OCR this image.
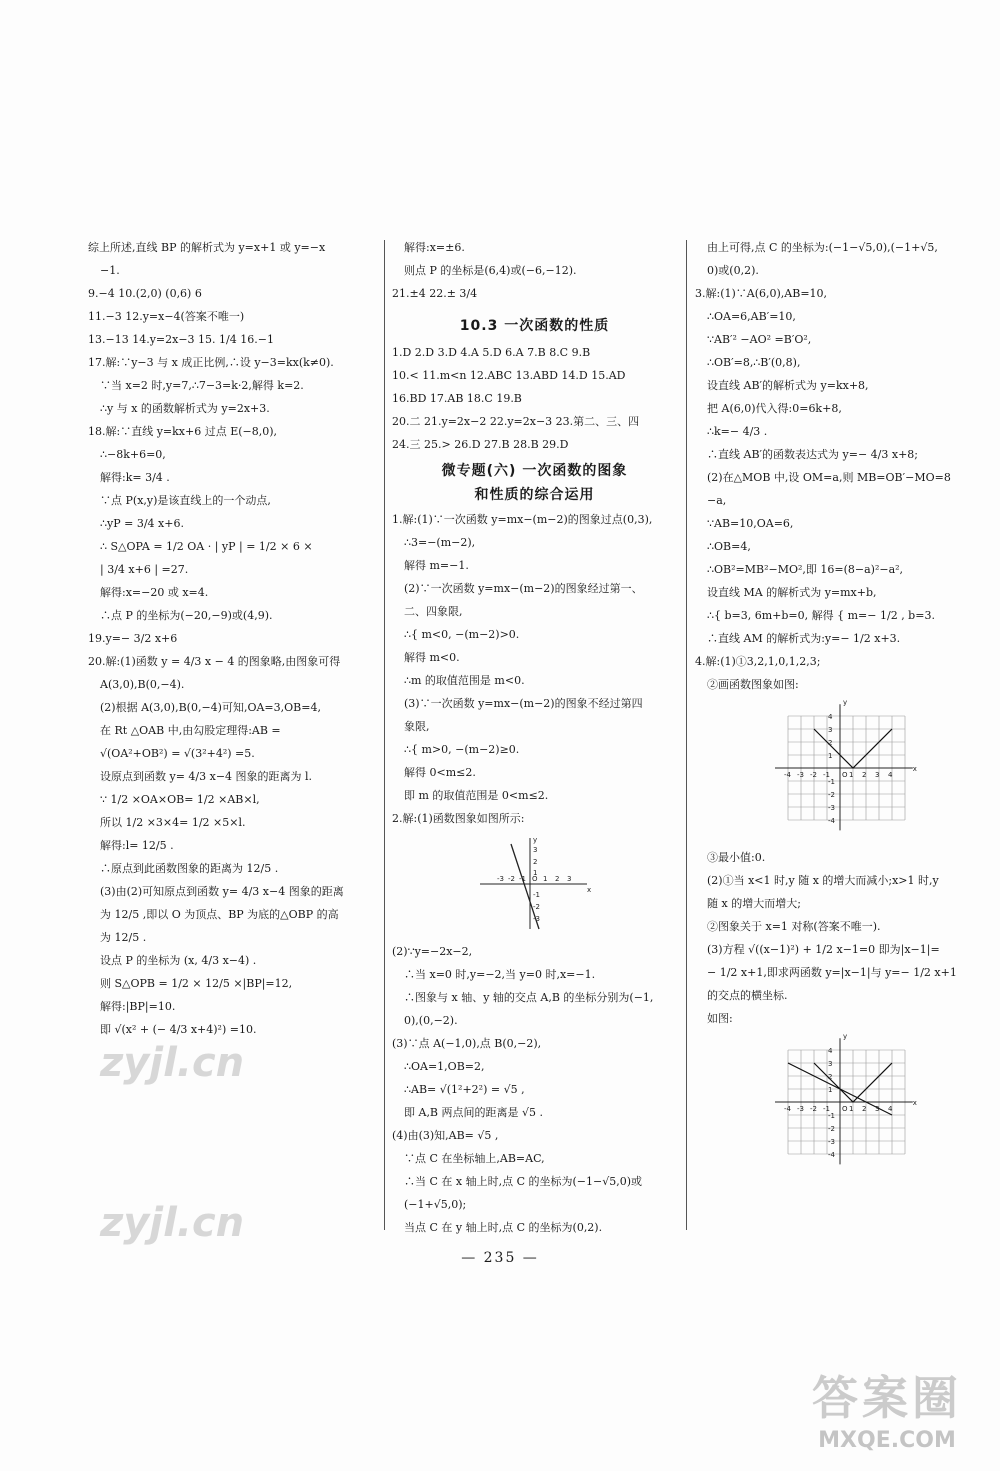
综上所述,直线 BP 的解析式为 y=x+1 或 y=−x
−1.
9.−4 10.(2,0) (0,6) 6
11.−3 12.y=x−4(答案不唯一)
13.−13 14.y=2x−3 15. 1/4 16.−1
17.解:∵y−3 与 x 成正比例,∴设 y−3=kx(k≠0).
∵当 x=2 时,y=7,∴7−3=k·2,解得 k=2.
∴y 与 x 的函数解析式为 y=2x+3.
18.解:∵直线 y=kx+6 过点 E(−8,0),
∴−8k+6=0,
解得:k= 3/4 .
∵点 P(x,y)是该直线上的一个动点,
∴yP = 3/4 x+6.
∴ S△OPA = 1/2 OA · | yP | = 1/2 × 6 ×
| 3/4 x+6 | =27.
解得:x=−20 或 x=4.
∴点 P 的坐标为(−20,−9)或(4,9).
19.y=− 3/2 x+6
20.解:(1)函数 y = 4/3 x − 4 的图象略,由图象可得
A(3,0),B(0,−4).
(2)根据 A(3,0),B(0,−4)可知,OA=3,OB=4,
在 Rt △OAB 中,由勾股定理得:AB =
√(OA²+OB²) = √(3²+4²) =5.
设原点到函数 y= 4/3 x−4 图象的距离为 l.
∵ 1/2 ×OA×OB= 1/2 ×AB×l,
所以 1/2 ×3×4= 1/2 ×5×l.
解得:l= 12/5 .
∴原点到此函数图象的距离为 12/5 .
(3)由(2)可知原点到函数 y= 4/3 x−4 图象的距离
为 12/5 ,即以 O 为顶点、BP 为底的△OBP 的高
为 12/5 .
设点 P 的坐标为 (x, 4/3 x−4) .
则 S△OPB = 1/2 × 12/5 ×|BP|=12,
解得:|BP|=10.
即 √(x² + (− 4/3 x+4)²) =10.
解得:x=±6.
则点 P 的坐标是(6,4)或(−6,−12).
21.±4 22.± 3/4
10.3 一次函数的性质
1.D 2.D 3.D 4.A 5.D 6.A 7.B 8.C 9.B
10.< 11.m<n 12.ABC 13.ABD 14.D 15.AD
16.BD 17.AB 18.C 19.B
20.二 21.y=2x−2 22.y=2x−3 23.第二、三、四
24.三 25.> 26.D 27.B 28.B 29.D
微专题(六) 一次函数的图象
和性质的综合运用
1.解:(1)∵一次函数 y=mx−(m−2)的图象过点(0,3),
∴3=−(m−2),
解得 m=−1.
(2)∵一次函数 y=mx−(m−2)的图象经过第一、
二、四象限,
∴{ m<0, −(m−2)>0.
解得 m<0.
∴m 的取值范围是 m<0.
(3)∵一次函数 y=mx−(m−2)的图象不经过第四
象限,
∴{ m>0, −(m−2)≥0.
解得 0<m≤2.
即 m 的取值范围是 0<m≤2.
2.解:(1)函数图象如图所示:
x
y
-3 -2 -1 O 1 2 3
3
2
1
-1
-2
-3
(2)∵y=−2x−2,
∴当 x=0 时,y=−2,当 y=0 时,x=−1.
∴图象与 x 轴、y 轴的交点 A,B 的坐标分别为(−1,
0),(0,−2).
(3)∵点 A(−1,0),点 B(0,−2),
∴OA=1,OB=2,
∴AB= √(1²+2²) = √5 ,
即 A,B 两点间的距离是 √5 .
(4)由(3)知,AB= √5 ,
∵点 C 在坐标轴上,AB=AC,
∴当 C 在 x 轴上时,点 C 的坐标为(−1−√5,0)或
(−1+√5,0);
当点 C 在 y 轴上时,点 C 的坐标为(0,2).
由上可得,点 C 的坐标为:(−1−√5,0),(−1+√5,
0)或(0,2).
3.解:(1)∵A(6,0),AB=10,
∴OA=6,AB′=10,
∵AB′² −AO² =B′O²,
∴OB′=8,∴B′(0,8),
设直线 AB′的解析式为 y=kx+8,
把 A(6,0)代入得:0=6k+8,
∴k=− 4/3 .
∴直线 AB′的函数表达式为 y=− 4/3 x+8;
(2)在△MOB 中,设 OM=a,则 MB=OB′−MO=8
−a,
∵AB=10,OA=6,
∴OB=4,
∴OB²=MB²−MO²,即 16=(8−a)²−a²,
设直线 MA 的解析式为 y=mx+b,
∴{ b=3, 6m+b=0, 解得 { m=− 1/2 , b=3.
∴直线 AM 的解析式为:y=− 1/2 x+3.
4.解:(1)①3,2,1,0,1,2,3;
②画函数图象如图:
-4 -3 -2 -1	1 2 3 4
O
4
3
2
1
-1
-2
-3
-4
x
y
③最小值:0.
(2)①当 x<1 时,y 随 x 的增大而减小;x>1 时,y
随 x 的增大而增大;
②图象关于 x=1 对称(答案不唯一).
(3)方程 √((x−1)²) + 1/2 x−1=0 即为|x−1|=
− 1/2 x+1,即求两函数 y=|x−1|与 y=− 1/2 x+1
的交点的横坐标.
如图:
-4 -3 -2 -1	1 2 3 4
O
4
3
2
1
-1
-2
-3
-4
x
y
— 235 —
zyjl.cn
zyjl.cn
答案圈
MXQE.COM
